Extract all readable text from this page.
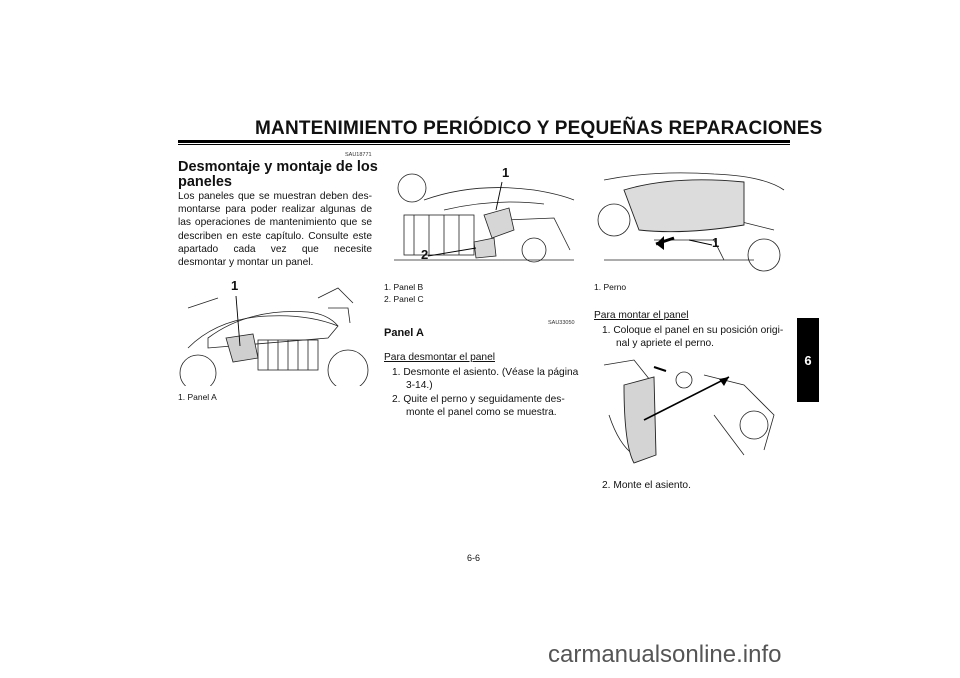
MANTENIMIENTO PERIÓDICO Y PEQUEÑAS REPARACIONES
6
SAU18771
Desmontaje y montaje de los
paneles
Los paneles que se muestran deben des-montarse para poder realizar algunas de las operaciones de mantenimiento que se describen en este capítulo. Consulte este apartado cada vez que necesite desmontar y montar un panel.
1
1. Panel A
1
2
1. Panel B
2. Panel C
SAU33050
Panel A
Para desmontar el panel
1. Desmonte el asiento. (Véase la página
3-14.)
2. Quite el perno y seguidamente des-
monte el panel como se muestra.
1
1. Perno
Para montar el panel
1. Coloque el panel en su posición origi-
nal y apriete el perno.
2. Monte el asiento.
6-6
carmanualsonline.info
